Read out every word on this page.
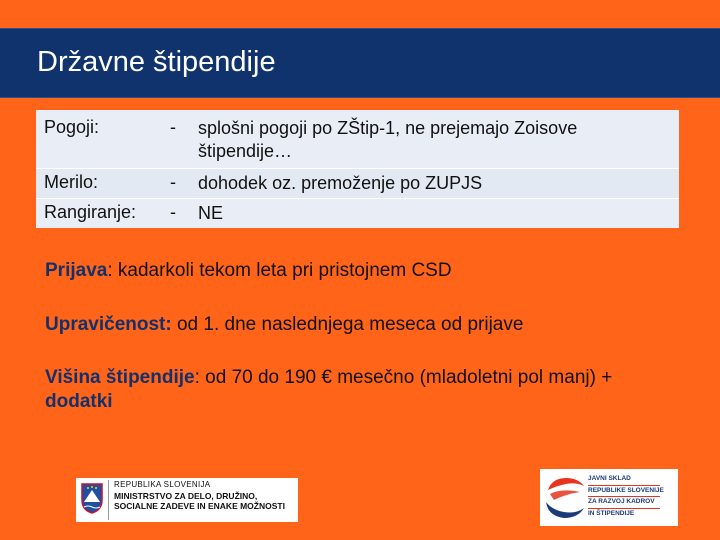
Državne štipendije
Pogoji:	-	splošni pogoji po ZŠtip-1, ne prejemajo Zoisove štipendije…
Merilo:	-	dohodek oz. premoženje po ZUPJS
Rangiranje:	-	NE

Prijava: kadarkoli tekom leta pri pristojnem CSD

Upravičenost: od 1. dne naslednjega meseca od prijave

Višina štipendije: od 70 do 190 € mesečno (mladoletni pol manj) + dodatki

REPUBLIKA SLOVENIJA
MINISTRSTVO ZA DELO, DRUŽINO,
SOCIALNE ZADEVE IN ENAKE MOŽNOSTI
JAVNI SKLAD
REPUBLIKE SLOVENIJE
ZA RAZVOJ KADROV
IN ŠTIPENDIJE
